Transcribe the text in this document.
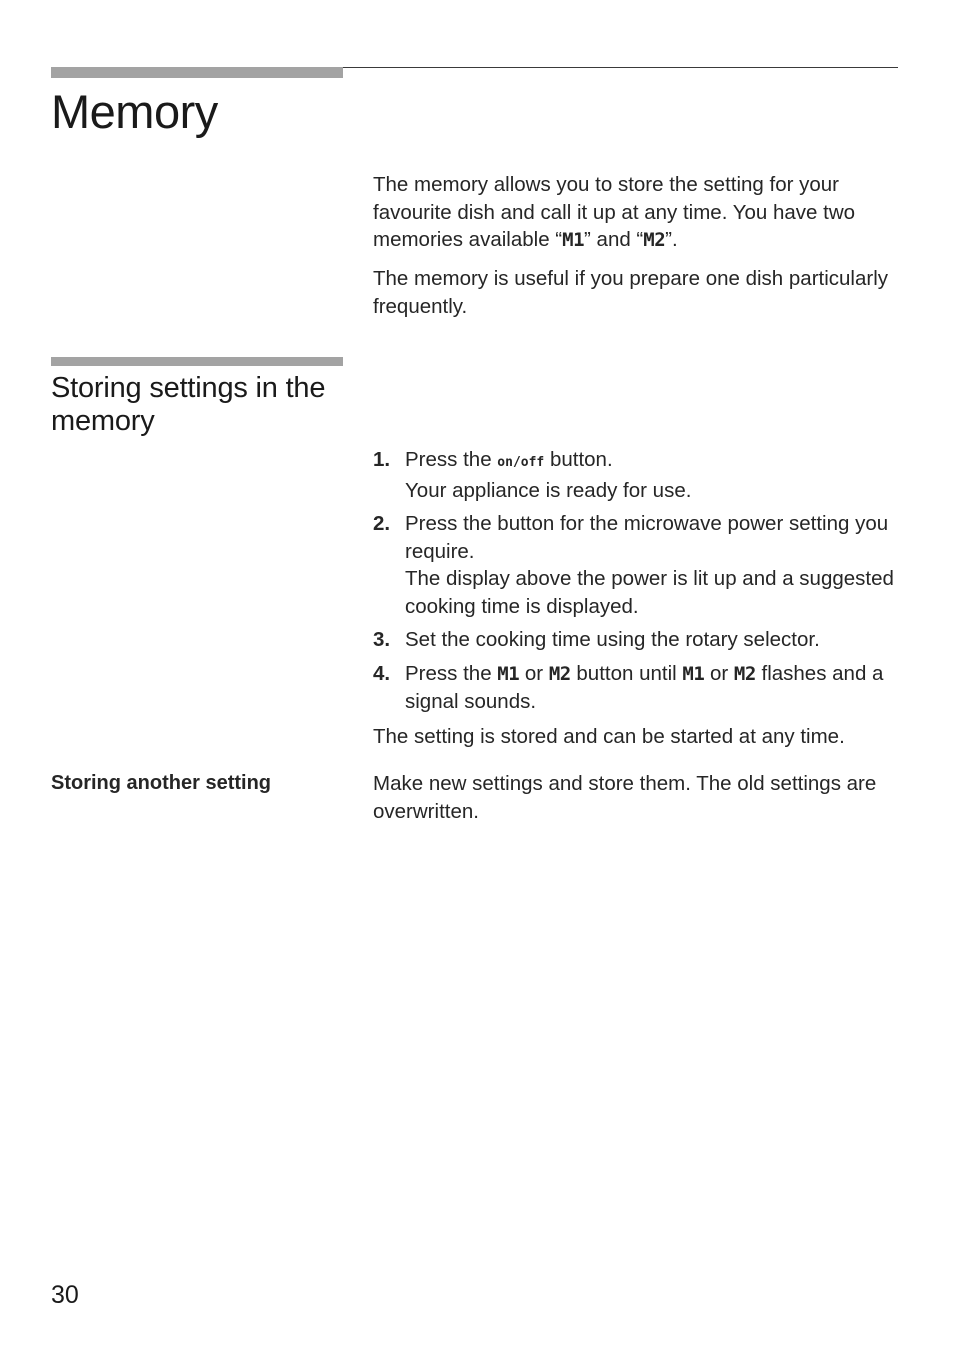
Memory
The memory allows you to store the setting for your favourite dish and call it up at any time. You have two memories available “M1” and “M2”.
The memory is useful if you prepare one dish particularly frequently.
Storing settings in the memory
1. Press the on/off button.
Your appliance is ready for use.
2. Press the button for the microwave power setting you require.
The display above the power is lit up and a suggested cooking time is displayed.
3. Set the cooking time using the rotary selector.
4. Press the M1 or M2 button until M1 or M2 flashes and a signal sounds.
The setting is stored and can be started at any time.
Storing another setting	Make new settings and store them. The old settings are overwritten.
30
